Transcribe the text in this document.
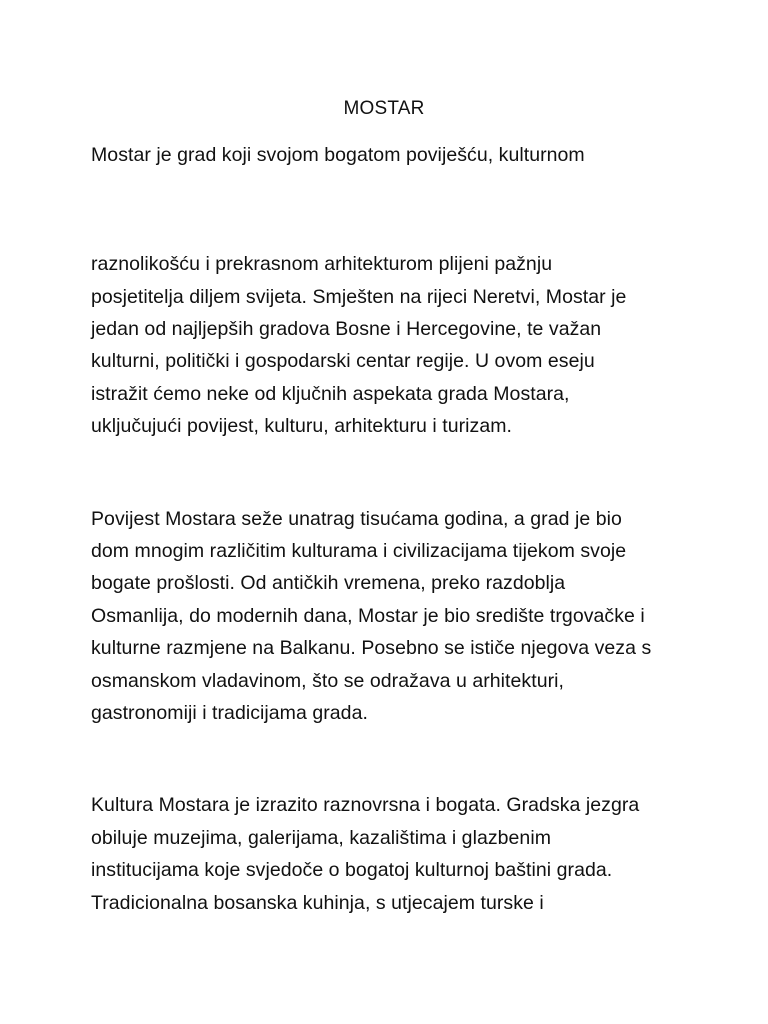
MOSTAR
Mostar je grad koji svojom bogatom poviješću, kulturnom
raznolikošću i prekrasnom arhitekturom plijeni pažnju
posjetitelja diljem svijeta. Smješten na rijeci Neretvi, Mostar je
jedan od najljepših gradova Bosne i Hercegovine, te važan
kulturni, politički i gospodarski centar regije. U ovom eseju
istražit ćemo neke od ključnih aspekata grada Mostara,
uključujući povijest, kulturu, arhitekturu i turizam.
Povijest Mostara seže unatrag tisućama godina, a grad je bio
dom mnogim različitim kulturama i civilizacijama tijekom svoje
bogate prošlosti. Od antičkih vremena, preko razdoblja
Osmanlija, do modernih dana, Mostar je bio središte trgovačke i
kulturne razmjene na Balkanu. Posebno se ističe njegova veza s
osmanskom vladavinom, što se odražava u arhitekturi,
gastronomiji i tradicijama grada.
Kultura Mostara je izrazito raznovrsna i bogata. Gradska jezgra
obiluje muzejima, galerijama, kazalištima i glazbenim
institucijama koje svjedoče o bogatoj kulturnoj baštini grada.
Tradicionalna bosanska kuhinja, s utjecajem turske i
